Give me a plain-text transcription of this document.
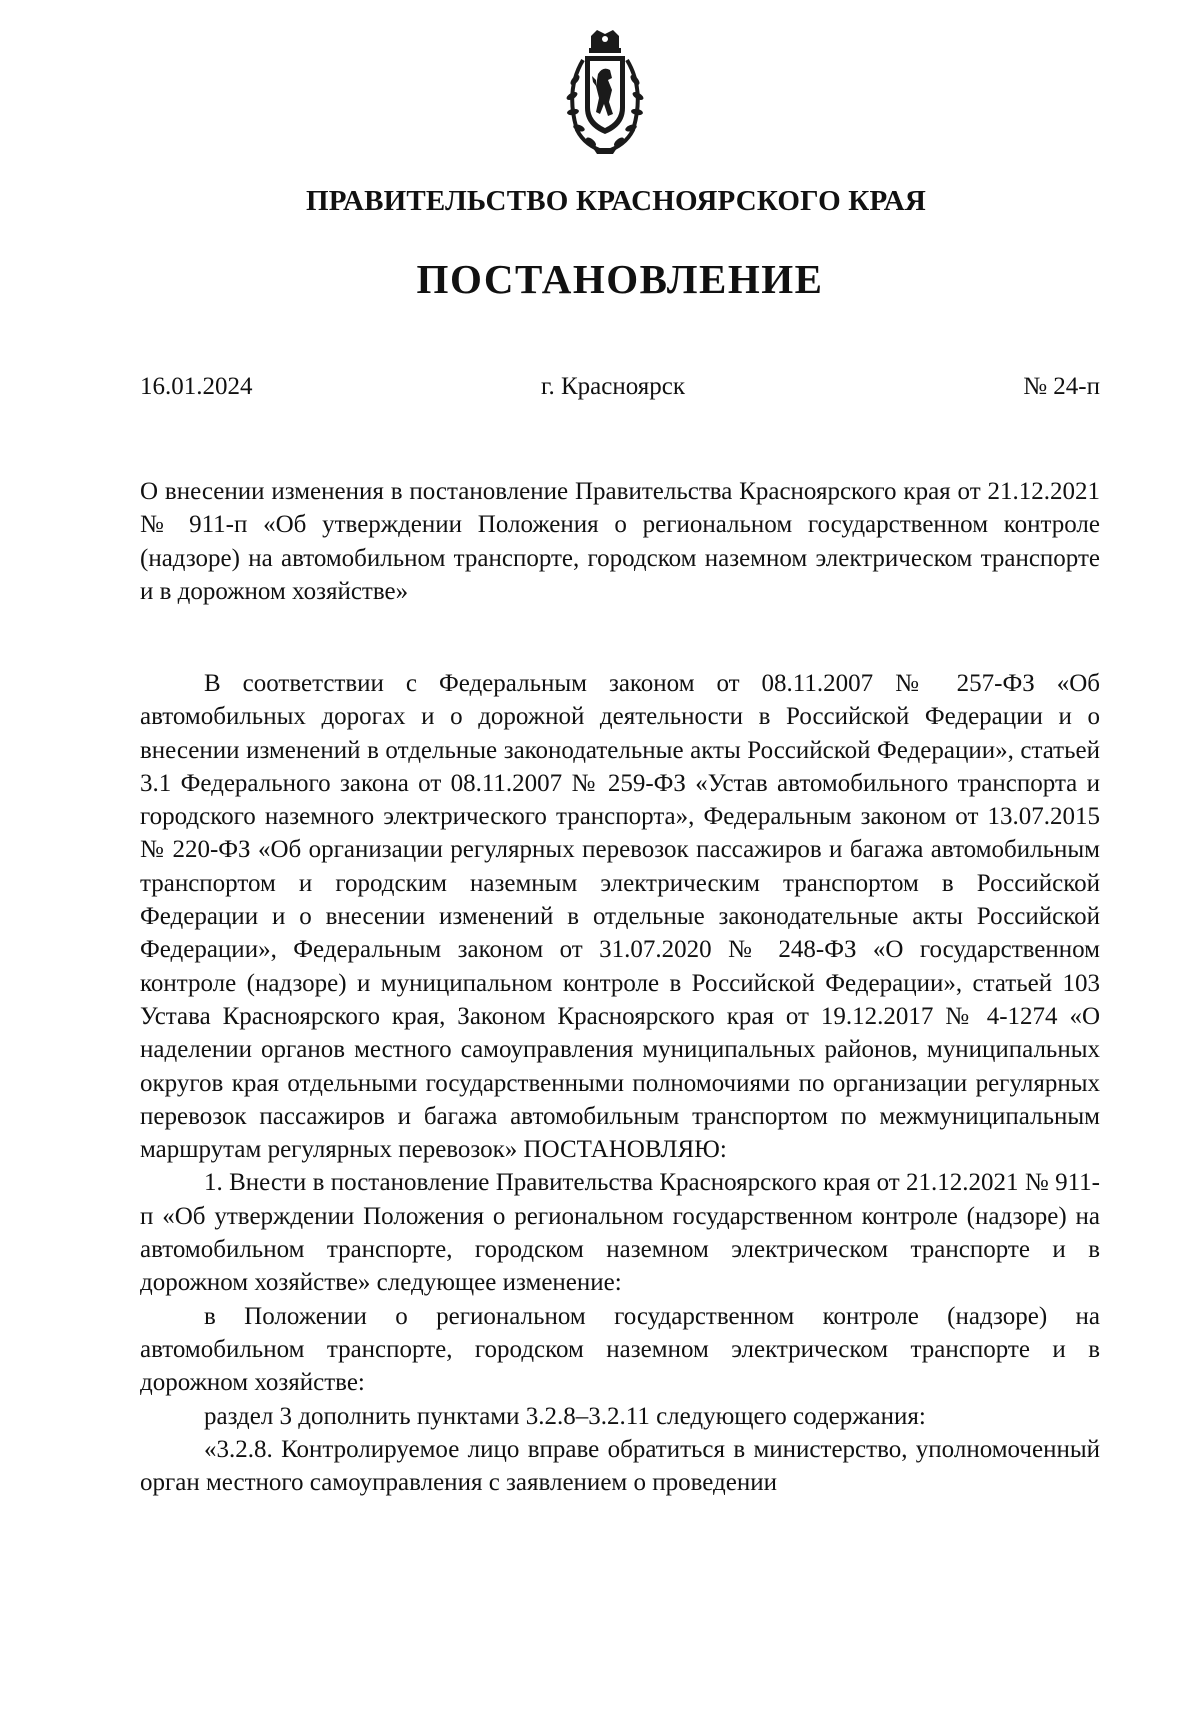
ПРАВИТЕЛЬСТВО КРАСНОЯРСКОГО КРАЯ
ПОСТАНОВЛЕНИЕ
16.01.2024	г. Красноярск	№ 24-п
О внесении изменения в постановление Правительства Красноярского края от 21.12.2021 № 911-п «Об утверждении Положения о региональном государственном контроле (надзоре) на автомобильном транспорте, городском наземном электрическом транспорте и в дорожном хозяйстве»

В соответствии с Федеральным законом от 08.11.2007 № 257-ФЗ «Об автомобильных дорогах и о дорожной деятельности в Российской Федерации и о внесении изменений в отдельные законодательные акты Российской Федерации», статьей 3.1 Федерального закона от 08.11.2007 № 259-ФЗ «Устав автомобильного транспорта и городского наземного электрического транспорта», Федеральным законом от 13.07.2015 № 220-ФЗ «Об организации регулярных перевозок пассажиров и багажа автомобильным транспортом и городским наземным электрическим транспортом в Российской Федерации и о внесении изменений в отдельные законодательные акты Российской Федерации», Федеральным законом от 31.07.2020 № 248-ФЗ «О государственном контроле (надзоре) и муниципальном контроле в Российской Федерации», статьей 103 Устава Красноярского края, Законом Красноярского края от 19.12.2017 № 4-1274 «О наделении органов местного самоуправления муниципальных районов, муниципальных округов края отдельными государственными полномочиями по организации регулярных перевозок пассажиров и багажа автомобильным транспортом по межмуниципальным маршрутам регулярных перевозок» ПОСТАНОВЛЯЮ:

1. Внести в постановление Правительства Красноярского края от 21.12.2021 № 911-п «Об утверждении Положения о региональном государственном контроле (надзоре) на автомобильном транспорте, городском наземном электрическом транспорте и в дорожном хозяйстве» следующее изменение:

в Положении о региональном государственном контроле (надзоре) на автомобильном транспорте, городском наземном электрическом транспорте и в дорожном хозяйстве:

раздел 3 дополнить пунктами 3.2.8–3.2.11 следующего содержания:

«3.2.8. Контролируемое лицо вправе обратиться в министерство, уполномоченный орган местного самоуправления с заявлением о проведении
